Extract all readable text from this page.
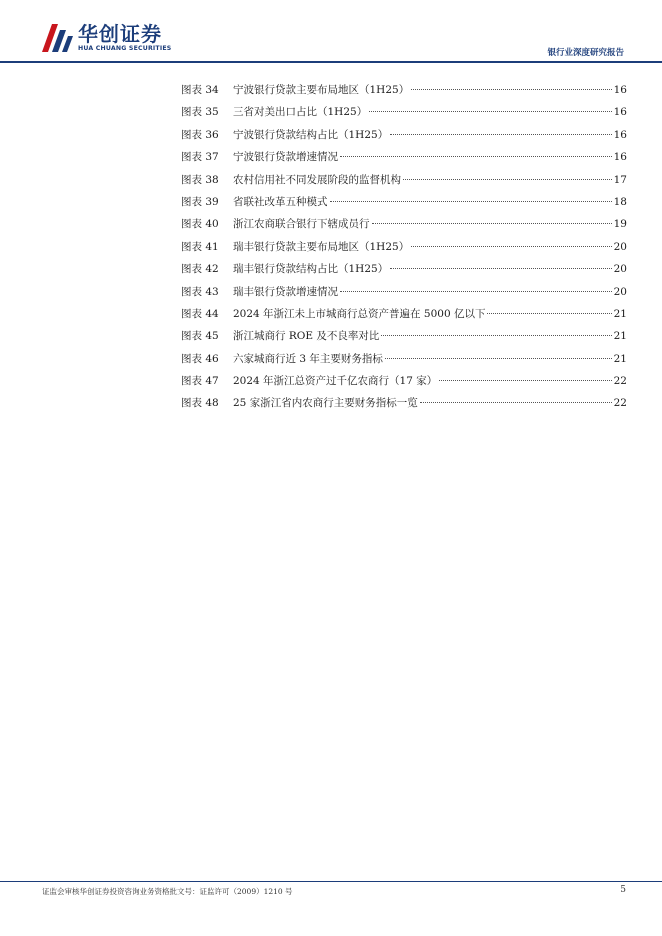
华创证券
HUA CHUANG SECURITIES	银行业深度研究报告
图表 34	宁波银行贷款主要布局地区（1H25）	16
图表 35	三省对美出口占比（1H25）	16
图表 36	宁波银行贷款结构占比（1H25）	16
图表 37	宁波银行贷款增速情况	16
图表 38	农村信用社不同发展阶段的监督机构	17
图表 39	省联社改革五种模式	18
图表 40	浙江农商联合银行下辖成员行	19
图表 41	瑞丰银行贷款主要布局地区（1H25）	20
图表 42	瑞丰银行贷款结构占比（1H25）	20
图表 43	瑞丰银行贷款增速情况	20
图表 44	2024 年浙江未上市城商行总资产普遍在 5000 亿以下	21
图表 45	浙江城商行 ROE 及不良率对比	21
图表 46	六家城商行近 3 年主要财务指标	21
图表 47	2024 年浙江总资产过千亿农商行（17 家）	22
图表 48	25 家浙江省内农商行主要财务指标一览	22
证监会审核华创证券投资咨询业务资格批文号：证监许可（2009）1210 号	5
